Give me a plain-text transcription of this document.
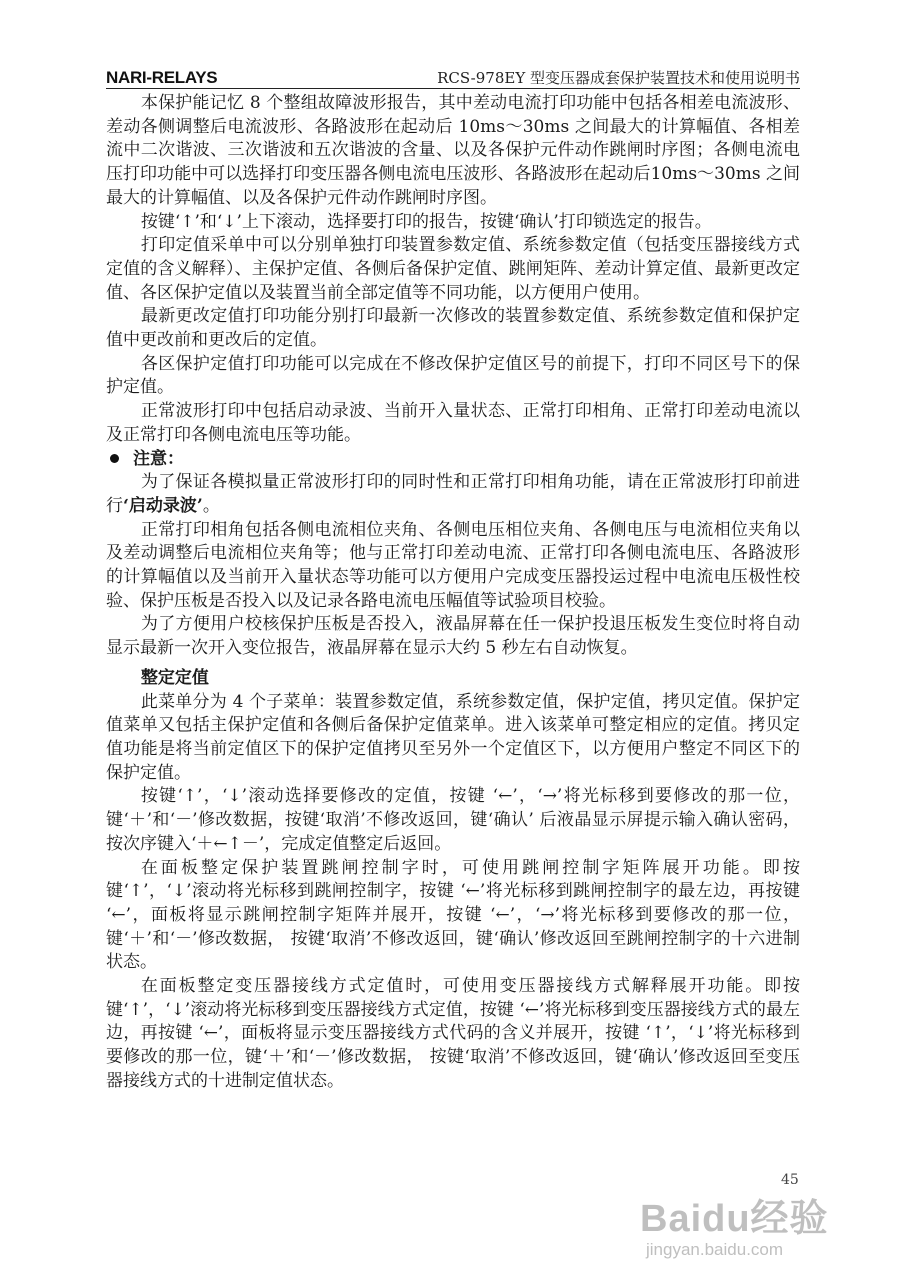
NARI-RELAYS	RCS-978EY 型变压器成套保护装置技术和使用说明书

本保护能记忆 8 个整组故障波形报告，其中差动电流打印功能中包括各相差电流波形、差动各侧调整后电流波形、各路波形在起动后 10ms～30ms 之间最大的计算幅值、各相差流中二次谐波、三次谐波和五次谐波的含量、以及各保护元件动作跳闸时序图；各侧电流电压打印功能中可以选择打印变压器各侧电流电压波形、各路波形在起动后10ms～30ms 之间最大的计算幅值、以及各保护元件动作跳闸时序图。

按键‘↑’和‘↓’上下滚动，选择要打印的报告，按键‘确认’打印锁选定的报告。

打印定值采单中可以分别单独打印装置参数定值、系统参数定值（包括变压器接线方式定值的含义解释）、主保护定值、各侧后备保护定值、跳闸矩阵、差动计算定值、最新更改定值、各区保护定值以及装置当前全部定值等不同功能，以方便用户使用。

最新更改定值打印功能分别打印最新一次修改的装置参数定值、系统参数定值和保护定值中更改前和更改后的定值。

各区保护定值打印功能可以完成在不修改保护定值区号的前提下，打印不同区号下的保护定值。

正常波形打印中包括启动录波、当前开入量状态、正常打印相角、正常打印差动电流以及正常打印各侧电流电压等功能。

注意：

为了保证各模拟量正常波形打印的同时性和正常打印相角功能，请在正常波形打印前进行‘启动录波’。

正常打印相角包括各侧电流相位夹角、各侧电压相位夹角、各侧电压与电流相位夹角以及差动调整后电流相位夹角等；他与正常打印差动电流、正常打印各侧电流电压、各路波形的计算幅值以及当前开入量状态等功能可以方便用户完成变压器投运过程中电流电压极性校验、保护压板是否投入以及记录各路电流电压幅值等试验项目校验。

为了方便用户校核保护压板是否投入，液晶屏幕在任一保护投退压板发生变位时将自动显示最新一次开入变位报告，液晶屏幕在显示大约 5 秒左右自动恢复。

整定定值

此菜单分为 4 个子菜单：装置参数定值，系统参数定值，保护定值，拷贝定值。保护定值菜单又包括主保护定值和各侧后备保护定值菜单。进入该菜单可整定相应的定值。拷贝定值功能是将当前定值区下的保护定值拷贝至另外一个定值区下，以方便用户整定不同区下的保护定值。

按键‘↑’，‘↓’滚动选择要修改的定值，按键 ‘←’，‘→’将光标移到要修改的那一位，键‘＋’和‘－’修改数据，按键‘取消’不修改返回，键‘确认’ 后液晶显示屏提示输入确认密码，按次序键入‘＋←↑－’，完成定值整定后返回。

在面板整定保护装置跳闸控制字时，可使用跳闸控制字矩阵展开功能。即按键‘↑’，‘↓’滚动将光标移到跳闸控制字，按键 ‘←’将光标移到跳闸控制字的最左边，再按键 ‘←’，面板将显示跳闸控制字矩阵并展开，按键 ‘←’，‘→’将光标移到要修改的那一位，键‘＋’和‘－’修改数据， 按键‘取消’不修改返回，键‘确认’修改返回至跳闸控制字的十六进制状态。

在面板整定变压器接线方式定值时，可使用变压器接线方式解释展开功能。即按键‘↑’，‘↓’滚动将光标移到变压器接线方式定值，按键 ‘←’将光标移到变压器接线方式的最左边，再按键 ‘←’，面板将显示变压器接线方式代码的含义并展开，按键 ‘↑’，‘↓’将光标移到要修改的那一位，键‘＋’和‘－’修改数据， 按键‘取消’不修改返回，键‘确认’修改返回至变压器接线方式的十进制定值状态。

45
Baidu经验
jingyan.baidu.com
